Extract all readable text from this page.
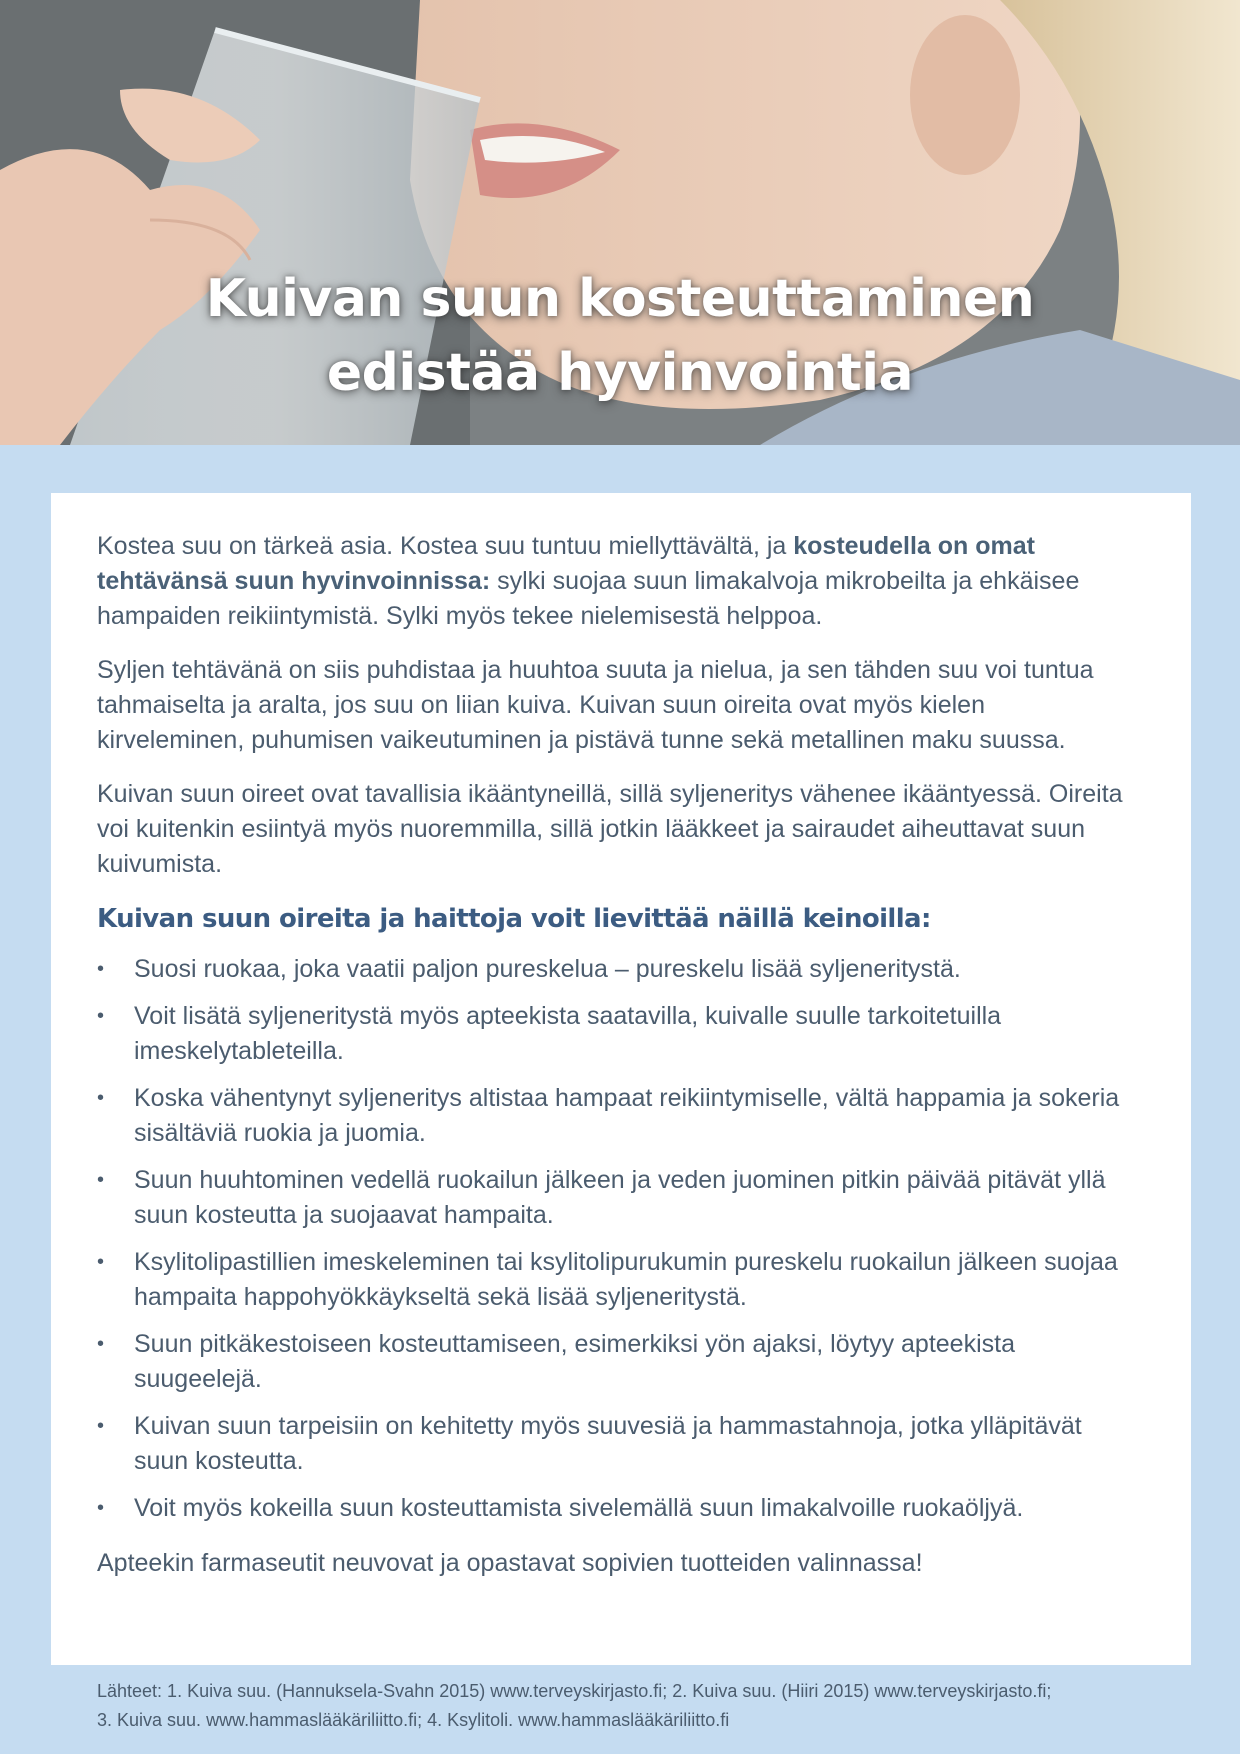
Kuivan suun kosteuttaminen
edistää hyvinvointia

Kostea suu on tärkeä asia. Kostea suu tuntuu miellyttävältä, ja kosteudella on omat tehtävänsä suun hyvinvoinnissa: sylki suojaa suun limakalvoja mikrobeilta ja ehkäisee hampaiden reikiintymistä. Sylki myös tekee nielemisestä helppoa.

Syljen tehtävänä on siis puhdistaa ja huuhtoa suuta ja nielua, ja sen tähden suu voi tuntua tahmaiselta ja aralta, jos suu on liian kuiva. Kuivan suun oireita ovat myös kielen kirveleminen, puhumisen vaikeutuminen ja pistävä tunne sekä metallinen maku suussa.

Kuivan suun oireet ovat tavallisia ikääntyneillä, sillä syljeneritys vähenee ikääntyessä. Oireita voi kuitenkin esiintyä myös nuoremmilla, sillä jotkin lääkkeet ja sairaudet aiheuttavat suun kuivumista.

Kuivan suun oireita ja haittoja voit lievittää näillä keinoilla:
• Suosi ruokaa, joka vaatii paljon pureskelua – pureskelu lisää syljeneritystä.
• Voit lisätä syljeneritystä myös apteekista saatavilla, kuivalle suulle tarkoitetuilla imeskelytableteilla.
• Koska vähentynyt syljeneritys altistaa hampaat reikiintymiselle, vältä happamia ja sokeria sisältäviä ruokia ja juomia.
• Suun huuhtominen vedellä ruokailun jälkeen ja veden juominen pitkin päivää pitävät yllä suun kosteutta ja suojaavat hampaita.
• Ksylitolipastillien imeskeleminen tai ksylitolipurukumin pureskelu ruokailun jälkeen suojaa hampaita happohyökkäykseltä sekä lisää syljeneritystä.
• Suun pitkäkestoiseen kosteuttamiseen, esimerkiksi yön ajaksi, löytyy apteekista suugeelejä.
• Kuivan suun tarpeisiin on kehitetty myös suuvesiä ja hammastahnoja, jotka ylläpitävät suun kosteutta.
• Voit myös kokeilla suun kosteuttamista sivelemällä suun limakalvoille ruokaöljyä.

Apteekin farmaseutit neuvovat ja opastavat sopivien tuotteiden valinnassa!

Lähteet: 1. Kuiva suu. (Hannuksela-Svahn 2015) www.terveyskirjasto.fi; 2. Kuiva suu. (Hiiri 2015) www.terveyskirjasto.fi;

3. Kuiva suu. www.hammaslääkäriliitto.fi; 4. Ksylitoli. www.hammaslääkäriliitto.fi
